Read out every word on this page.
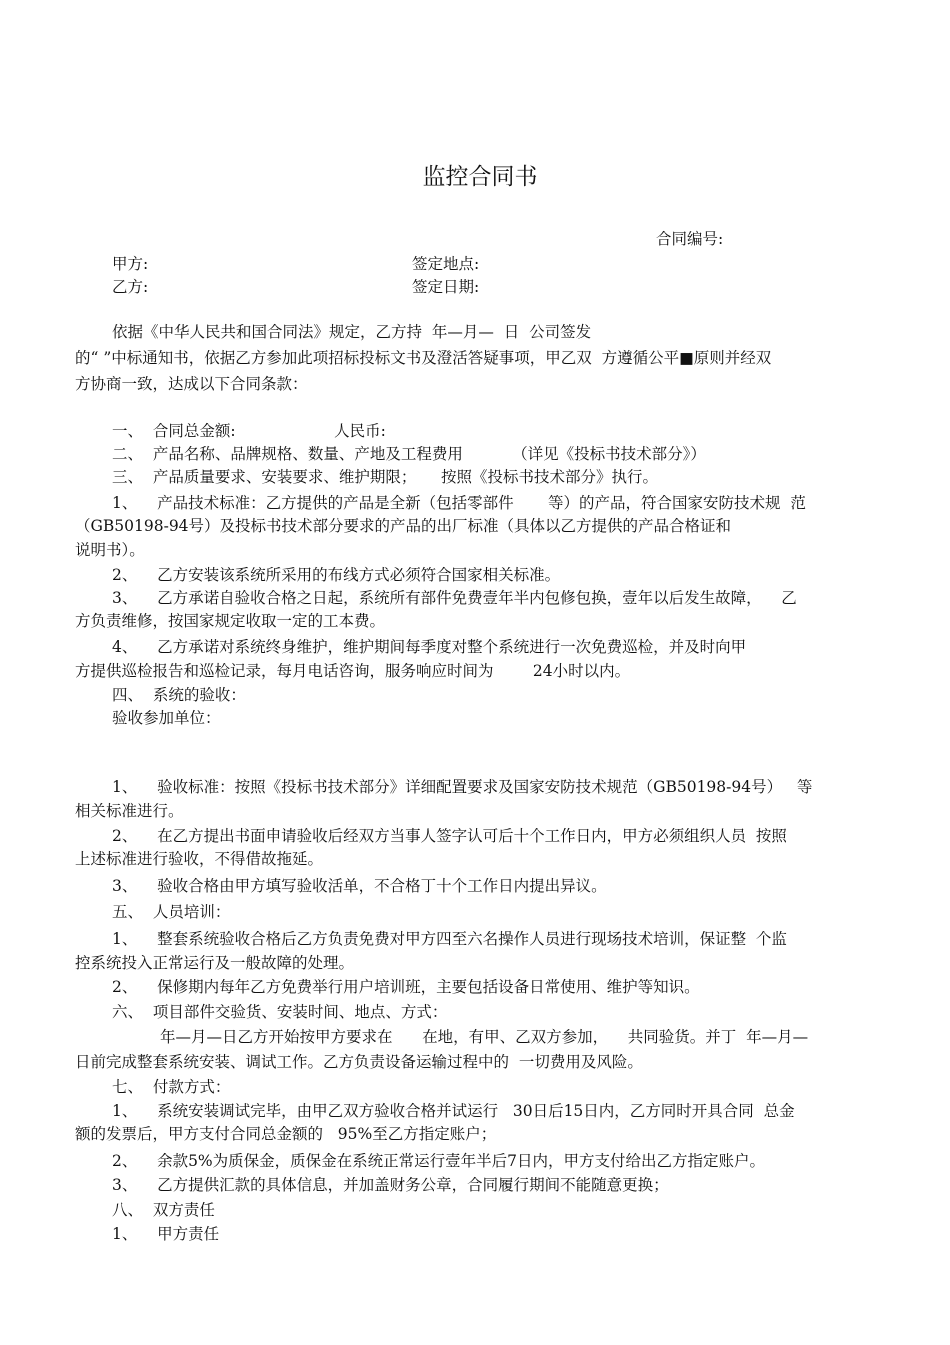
监控合同书
合同编号:
甲方:	签定地点:
乙方:	签定日期:
依据《中华人民共和国合同法》规定，乙方持  年—月—  日  公司签发
的“ ”中标通知书，依据乙方参加此项招标投标文书及澄活答疑事项，甲乙双  方遵循公平■原则并经双
方协商一致，达成以下合同条款：
一、  合同总金额:                    人民币:
二、  产品名称、品牌规格、数量、产地及工程费用          （详见《投标书技术部分》）
三、  产品质量要求、安装要求、维护期限；     按照《投标书技术部分》执行。
1、    产品技术标准：乙方提供的产品是全新（包括零部件       等）的产品，符合国家安防技术规  范
（GB50198-94号）及投标书技术部分要求的产品的出厂标准（具体以乙方提供的产品合格证和
说明书）。
2、    乙方安装该系统所采用的布线方式必须符合国家相关标准。
3、    乙方承诺自验收合格之日起，系统所有部件免费壹年半内包修包换，壹年以后发生故障，    乙
方负责维修，按国家规定收取一定的工本费。
4、    乙方承诺对系统终身维护，维护期间每季度对整个系统进行一次免费巡检，并及时向甲
方提供巡检报告和巡检记录，每月电话咨询，服务响应时间为        24小时以内。
四、  系统的验收：
验收参加单位：
1、    验收标准：按照《投标书技术部分》详细配置要求及国家安防技术规范（GB50198-94号）   等
相关标准进行。
2、    在乙方提出书面申请验收后经双方当事人签字认可后十个工作日内，甲方必须组织人员  按照
上述标准进行验收，不得借故拖延。
3、    验收合格由甲方填写验收活单，不合格丁十个工作日内提出异议。
五、  人员培训：
1、    整套系统验收合格后乙方负责免费对甲方四至六名操作人员进行现场技术培训，保证整  个监
控系统投入正常运行及一般故障的处理。
2、    保修期内每年乙方免费举行用户培训班，主要包括设备日常使用、维护等知识。
六、  项目部件交验货、安装时间、地点、方式：
年—月—日乙方开始按甲方要求在      在地，有甲、乙双方参加，    共同验货。并丁  年—月—
日前完成整套系统安装、调试工作。乙方负责设备运输过程中的  一切费用及风险。
七、  付款方式：
1、    系统安装调试完毕，由甲乙双方验收合格并试运行   30日后15日内，乙方同时开具合同  总金
额的发票后，甲方支付合同总金额的   95%至乙方指定账户；
2、    余款5%为质保金，质保金在系统正常运行壹年半后7日内，甲方支付给出乙方指定账户。
3、    乙方提供汇款的具体信息，并加盖财务公章，合同履行期间不能随意更换；
八、  双方责任
1、    甲方责任
